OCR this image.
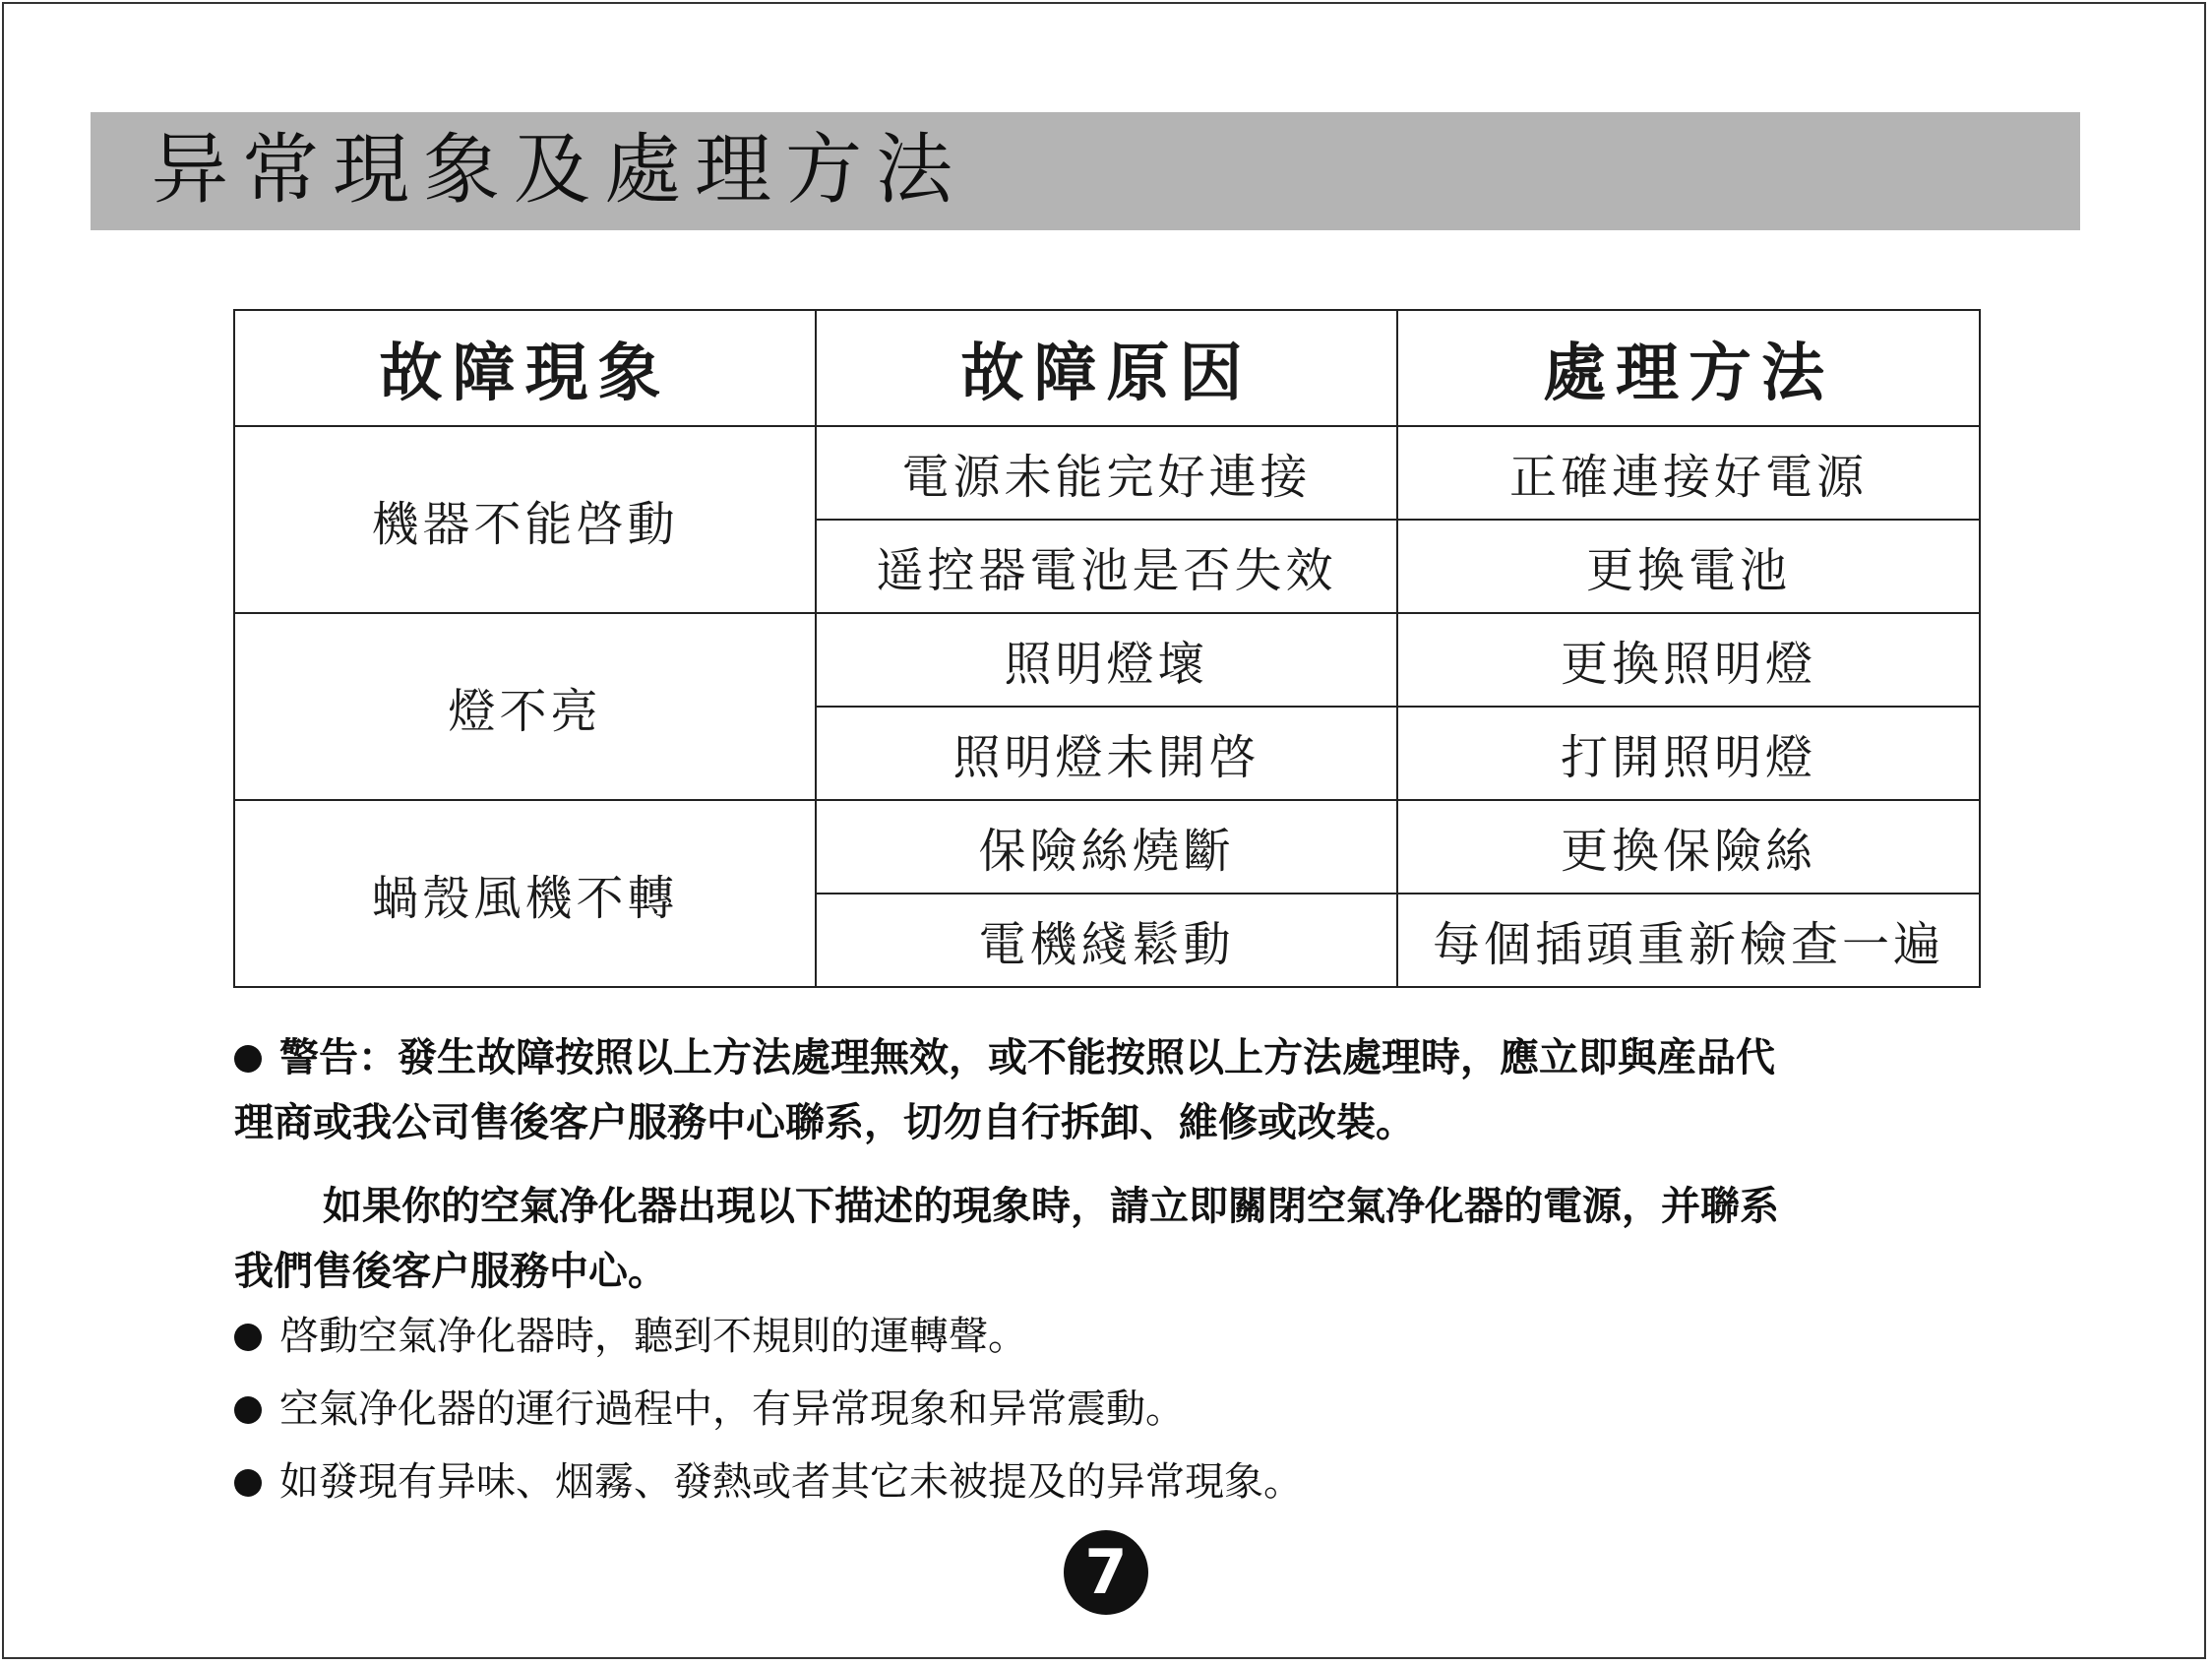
异常現象及處理方法
故障現象	故障原因	處理方法
機器不能啓動	電源未能完好連接	正確連接好電源
	遥控器電池是否失效	更換電池
燈不亮	照明燈壞	更換照明燈
	照明燈未開啓	打開照明燈
蝸殼風機不轉	保險絲燒斷	更換保險絲
	電機綫鬆動	每個插頭重新檢查一遍
警告：發生故障按照以上方法處理無效，或不能按照以上方法處理時，應立即與産品代
理商或我公司售後客户服務中心聯系，切勿自行拆卸、維修或改裝。
如果你的空氣净化器出現以下描述的現象時，請立即關閉空氣净化器的電源，并聯系
我們售後客户服務中心。
啓動空氣净化器時，聽到不規則的運轉聲。
空氣净化器的運行過程中，有异常現象和异常震動。
如發現有异味、烟霧、發熱或者其它未被提及的异常現象。
7
